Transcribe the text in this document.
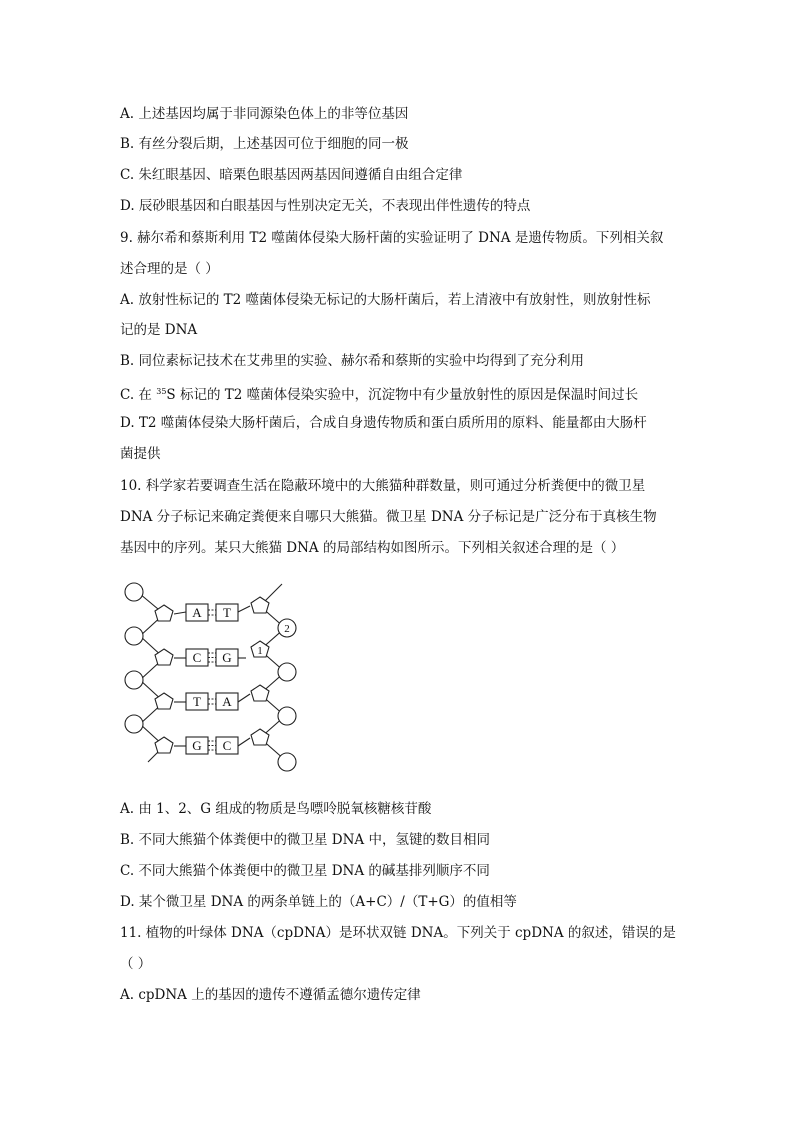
A. 上述基因均属于非同源染色体上的非等位基因
B. 有丝分裂后期，上述基因可位于细胞的同一极
C. 朱红眼基因、暗栗色眼基因两基因间遵循自由组合定律
D. 辰砂眼基因和白眼基因与性别决定无关，不表现出伴性遗传的特点
9. 赫尔希和蔡斯利用 T2 噬菌体侵染大肠杆菌的实验证明了 DNA 是遗传物质。下列相关叙
述合理的是（ ）
A. 放射性标记的 T2 噬菌体侵染无标记的大肠杆菌后，若上清液中有放射性，则放射性标
记的是 DNA
B. 同位素标记技术在艾弗里的实验、赫尔希和蔡斯的实验中均得到了充分利用
C. 在 $^{35}$S 标记的 T2 噬菌体侵染实验中，沉淀物中有少量放射性的原因是保温时间过长
D. T2 噬菌体侵染大肠杆菌后，合成自身遗传物质和蛋白质所用的原料、能量都由大肠杆
菌提供
10. 科学家若要调查生活在隐蔽环境中的大熊猫种群数量，则可通过分析粪便中的微卫星
DNA 分子标记来确定粪便来自哪只大熊猫。微卫星 DNA 分子标记是广泛分布于真核生物
基因中的序列。某只大熊猫 DNA 的局部结构如图所示。下列相关叙述合理的是（ ）
A T
C G
T A
G C
1
2
A. 由 1、2、G 组成的物质是鸟嘌呤脱氧核糖核苷酸
B. 不同大熊猫个体粪便中的微卫星 DNA 中，氢键的数目相同
C. 不同大熊猫个体粪便中的微卫星 DNA 的碱基排列顺序不同
D. 某个微卫星 DNA 的两条单链上的（A+C）/（T+G）的值相等
11. 植物的叶绿体 DNA（cpDNA）是环状双链 DNA。下列关于 cpDNA 的叙述，错误的是
（ ）
A. cpDNA 上的基因的遗传不遵循孟德尔遗传定律
